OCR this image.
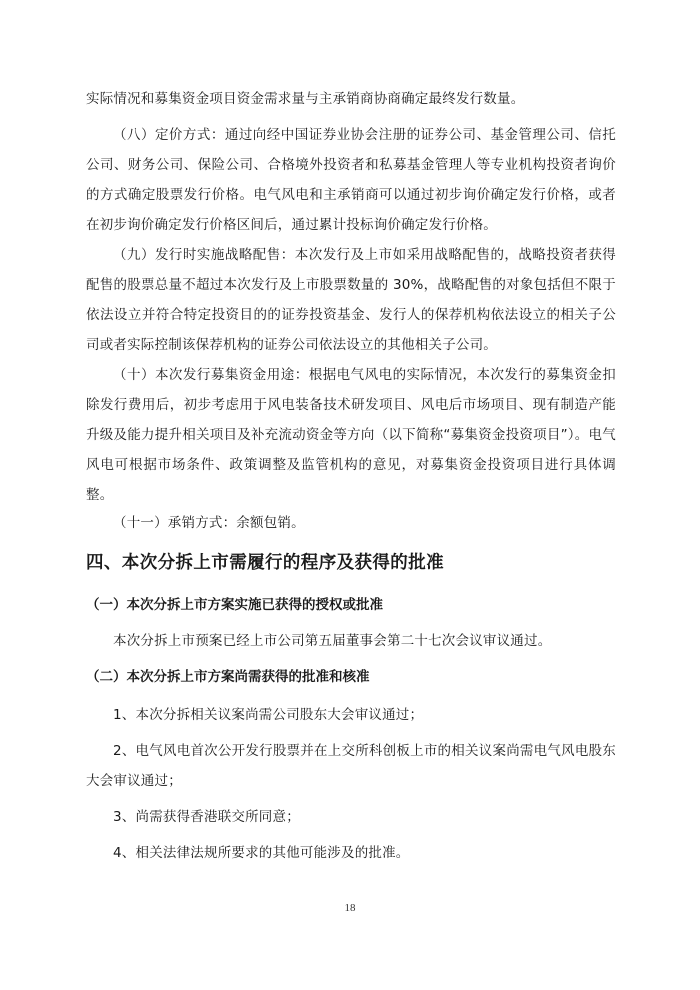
实际情况和募集资金项目资金需求量与主承销商协商确定最终发行数量。

（八）定价方式：通过向经中国证券业协会注册的证券公司、基金管理公司、信托公司、财务公司、保险公司、合格境外投资者和私募基金管理人等专业机构投资者询价的方式确定股票发行价格。电气风电和主承销商可以通过初步询价确定发行价格，或者在初步询价确定发行价格区间后，通过累计投标询价确定发行价格。

（九）发行时实施战略配售：本次发行及上市如采用战略配售的，战略投资者获得配售的股票总量不超过本次发行及上市股票数量的 30%，战略配售的对象包括但不限于依法设立并符合特定投资目的的证券投资基金、发行人的保荐机构依法设立的相关子公司或者实际控制该保荐机构的证券公司依法设立的其他相关子公司。

（十）本次发行募集资金用途：根据电气风电的实际情况，本次发行的募集资金扣除发行费用后，初步考虑用于风电装备技术研发项目、风电后市场项目、现有制造产能升级及能力提升相关项目及补充流动资金等方向（以下简称“募集资金投资项目”）。电气风电可根据市场条件、政策调整及监管机构的意见，对募集资金投资项目进行具体调整。

（十一）承销方式：余额包销。

四、本次分拆上市需履行的程序及获得的批准
（一）本次分拆上市方案实施已获得的授权或批准

本次分拆上市预案已经上市公司第五届董事会第二十七次会议审议通过。

（二）本次分拆上市方案尚需获得的批准和核准

1、本次分拆相关议案尚需公司股东大会审议通过；

2、电气风电首次公开发行股票并在上交所科创板上市的相关议案尚需电气风电股东大会审议通过；

3、尚需获得香港联交所同意；

4、相关法律法规所要求的其他可能涉及的批准。

18
